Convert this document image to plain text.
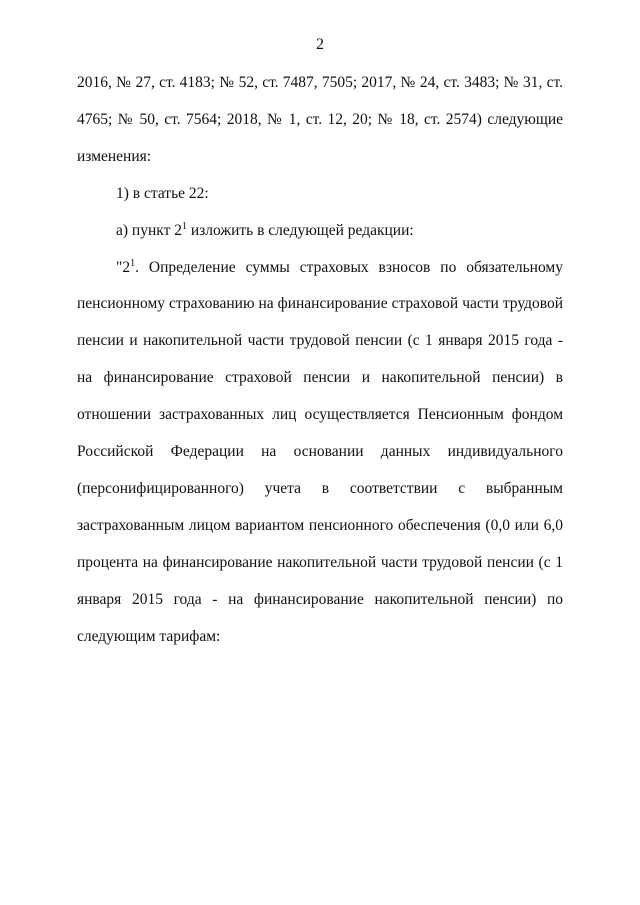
2

2016, № 27, ст. 4183; № 52, ст. 7487, 7505; 2017, № 24, ст. 3483; № 31, ст. 4765; № 50, ст. 7564; 2018, № 1, ст. 12, 20; № 18, ст. 2574) следующие изменения:

1) в статье 22:

а) пункт $2^1$ изложить в следующей редакции:

"$2^1$. Определение суммы страховых взносов по обязательному пенсионному страхованию на финансирование страховой части трудовой пенсии и накопительной части трудовой пенсии (с 1 января 2015 года - на финансирование страховой пенсии и накопительной пенсии) в отношении застрахованных лиц осуществляется Пенсионным фондом Российской Федерации на основании данных индивидуального (персонифицированного) учета в соответствии с выбранным застрахованным лицом вариантом пенсионного обеспечения (0,0 или 6,0 процента на финансирование накопительной части трудовой пенсии (с 1 января 2015 года - на финансирование накопительной пенсии) по следующим тарифам:
